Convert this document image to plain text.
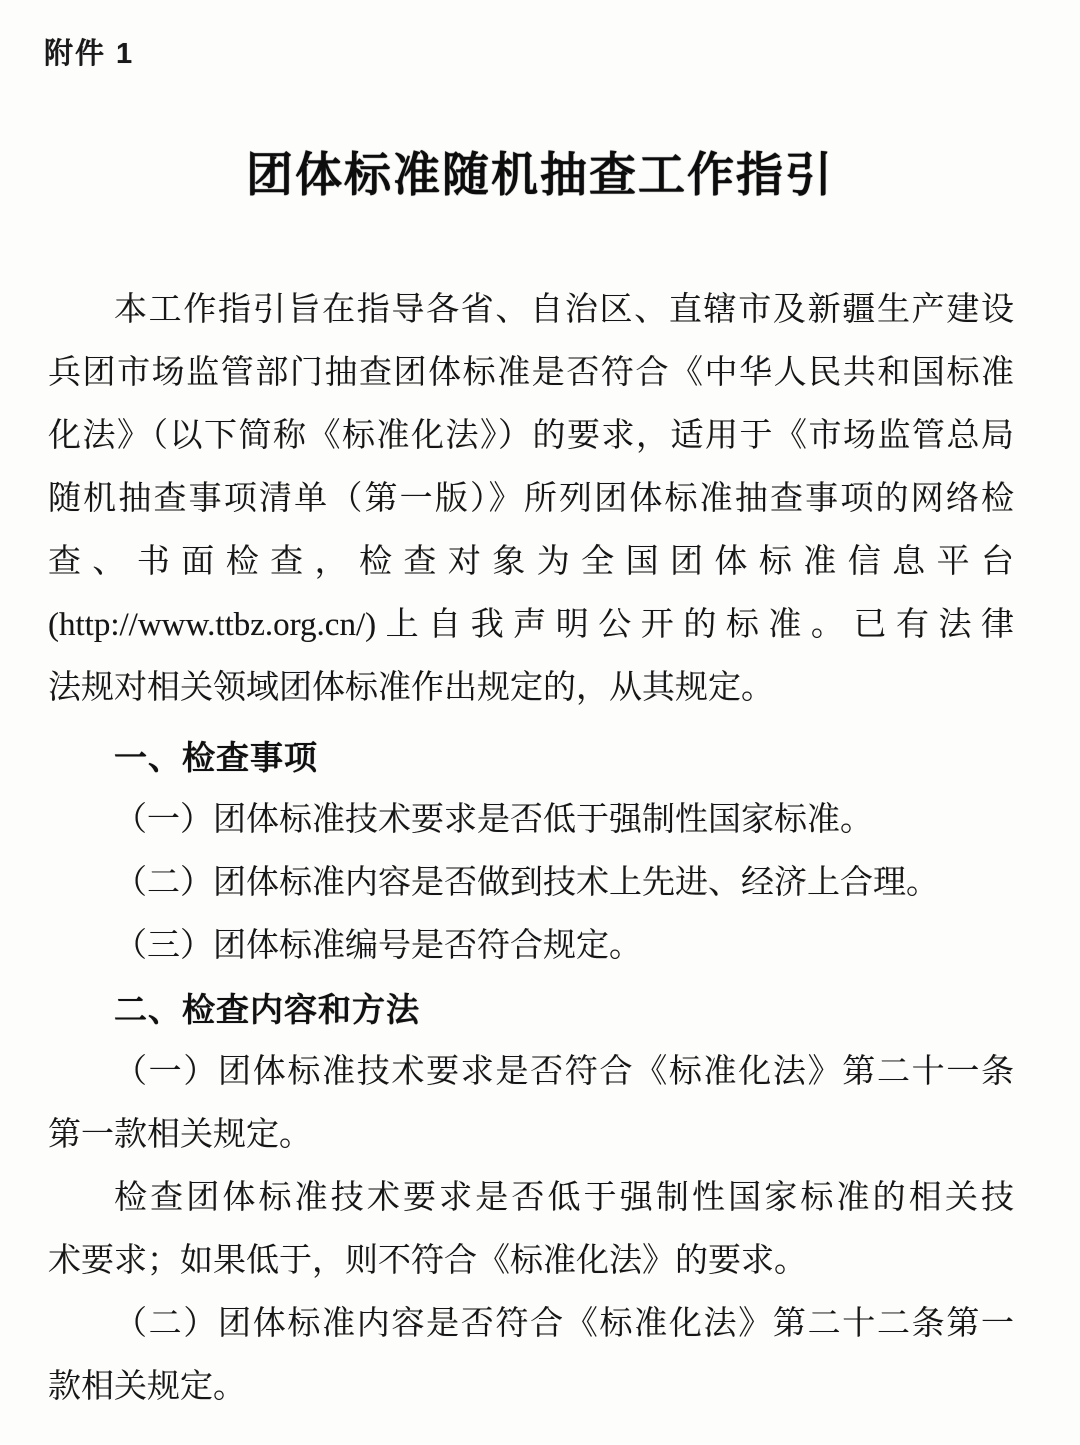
附件 1
团体标准随机抽查工作指引
本工作指引旨在指导各省、自治区、直辖市及新疆生产建设
兵团市场监管部门抽查团体标准是否符合《中华人民共和国标准
化法》（以下简称《标准化法》）的要求，适用于《市场监管总局
随机抽查事项清单（第一版）》所列团体标准抽查事项的网络检
查、书面检查，检查对象为全国团体标准信息平台
(http://www.ttbz.org.cn/)上自我声明公开的标准。已有法律
法规对相关领域团体标准作出规定的，从其规定。
一、检查事项
（一）团体标准技术要求是否低于强制性国家标准。
（二）团体标准内容是否做到技术上先进、经济上合理。
（三）团体标准编号是否符合规定。
二、检查内容和方法
（一）团体标准技术要求是否符合《标准化法》第二十一条
第一款相关规定。
检查团体标准技术要求是否低于强制性国家标准的相关技
术要求；如果低于，则不符合《标准化法》的要求。
（二）团体标准内容是否符合《标准化法》第二十二条第一
款相关规定。
